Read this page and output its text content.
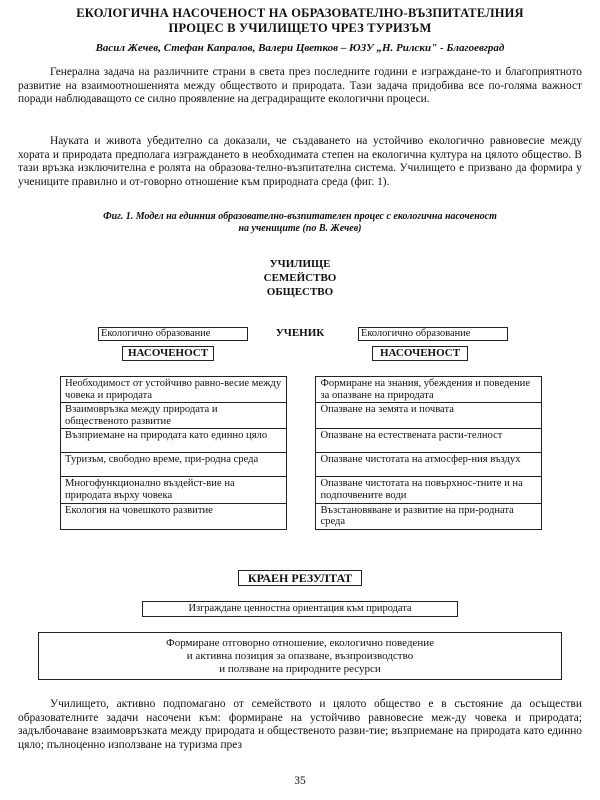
ЕКОЛОГИЧНА НАСОЧЕНОСТ НА ОБРАЗОВАТЕЛНО-ВЪЗПИТАТЕЛНИЯ
ПРОЦЕС В УЧИЛИЩЕТО ЧРЕЗ ТУРИЗЪМ
Васил Жечев, Стефан Капралов, Валери Цветков – ЮЗУ „Н. Рилски" - Благоевград

Генерална задача на различните страни в света през последните години е изграждане-то и благоприятното развитие на взаимоотношенията между обществото и природата. Тази задача придобива все по-голяма важност поради наблюдаващото се силно проявление на деградиращите екологични процеси.

Науката и живота убедително са доказали, че създаването на устойчиво екологично равновесие между хората и природата предполага изграждането в необходимата степен на екологична култура на цялото общество. В тази връзка изключителна е ролята на образова-телно-възпитателна система. Училището е призвано да формира у учениците правилно и от-говорно отношение към природната среда (фиг. 1).

Фиг. 1. Модел на единния образователно-възпитателен процес с екологична насоченост
на учениците (по В. Жечев)
УЧИЛИЩЕ
СЕМЕЙСТВО
ОБЩЕСТВО
Екологично образование	УЧЕНИК	Екологично образование
НАСОЧЕНОСТ	НАСОЧЕНОСТ
Необходимост от устойчиво равно-весие между човека и природата		Формиране на знания, убеждения и поведение за опазване на природата
Взаимовръзка между природата и общественото развитие		Опазване на земята и почвата
Възприемане на природата като единно цяло		Опазване на естествената расти-телност
Туризъм, свободно време, при-родна среда		Опазване чистотата на атмосфер-ния въздух
Многофункционално въздейст-вие на природата върху човека		Опазване чистотата на повърхнос-тните и на подпочвените води
Екология на човешкото развитие		Възстановяване и развитие на при-родната среда
КРАЕН РЕЗУЛТАТ
Изграждане ценностна ориентация към природата
Формиране отговорно отношение, екологично поведение
и активна позиция за опазване, възпроизводство
и ползване на природните ресурси

Училището, активно подпомагано от семейството и цялото общество е в състояние да осъществи образователните задачи насочени към: формиране на устойчиво равновесие меж-ду човека и природата; задълбочаване взаимовръзката между природата и общественото разви-тие; възприемане на природата като единно цяло; пълноценно използване на туризма през

35
